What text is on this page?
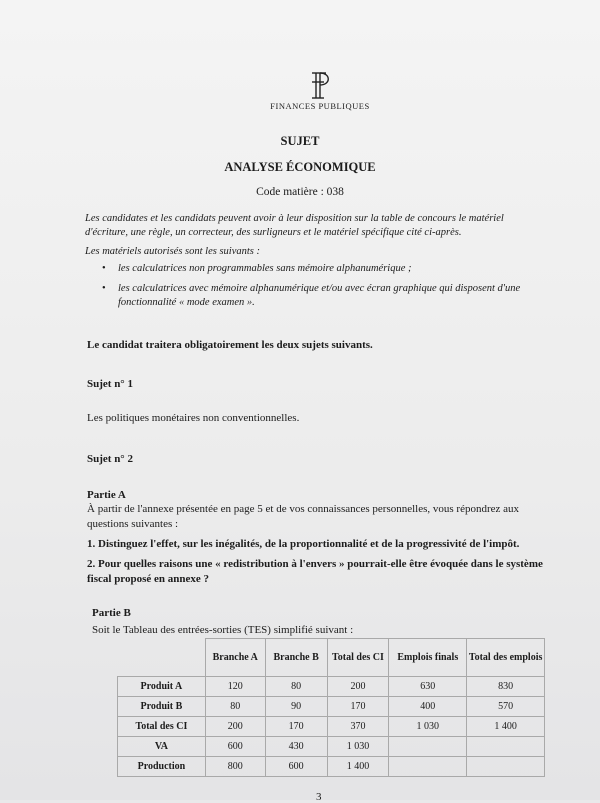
FINANCES PUBLIQUES
SUJET
ANALYSE ÉCONOMIQUE
Code matière : 038
Les candidates et les candidats peuvent avoir à leur disposition sur la table de concours le matériel d'écriture, une règle, un correcteur, des surligneurs et le matériel spécifique cité ci-après.
Les matériels autorisés sont les suivants :
• les calculatrices non programmables sans mémoire alphanumérique ;
• les calculatrices avec mémoire alphanumérique et/ou avec écran graphique qui disposent d'une fonctionnalité « mode examen ».
Le candidat traitera obligatoirement les deux sujets suivants.
Sujet n° 1
Les politiques monétaires non conventionnelles.
Sujet n° 2
Partie A
À partir de l'annexe présentée en page 5 et de vos connaissances personnelles, vous répondrez aux questions suivantes :
1. Distinguez l'effet, sur les inégalités, de la proportionnalité et de la progressivité de l'impôt.
2. Pour quelles raisons une « redistribution à l'envers » pourrait-elle être évoquée dans le système fiscal proposé en annexe ?
Partie B
Soit le Tableau des entrées-sorties (TES) simplifié suivant :
	Branche A	Branche B	Total des CI	Emplois finals	Total des emplois
Produit A	120	80	200	630	830
Produit B	80	90	170	400	570
Total des CI	200	170	370	1 030	1 400
VA	600	430	1 030		
Production	800	600	1 400		
3
